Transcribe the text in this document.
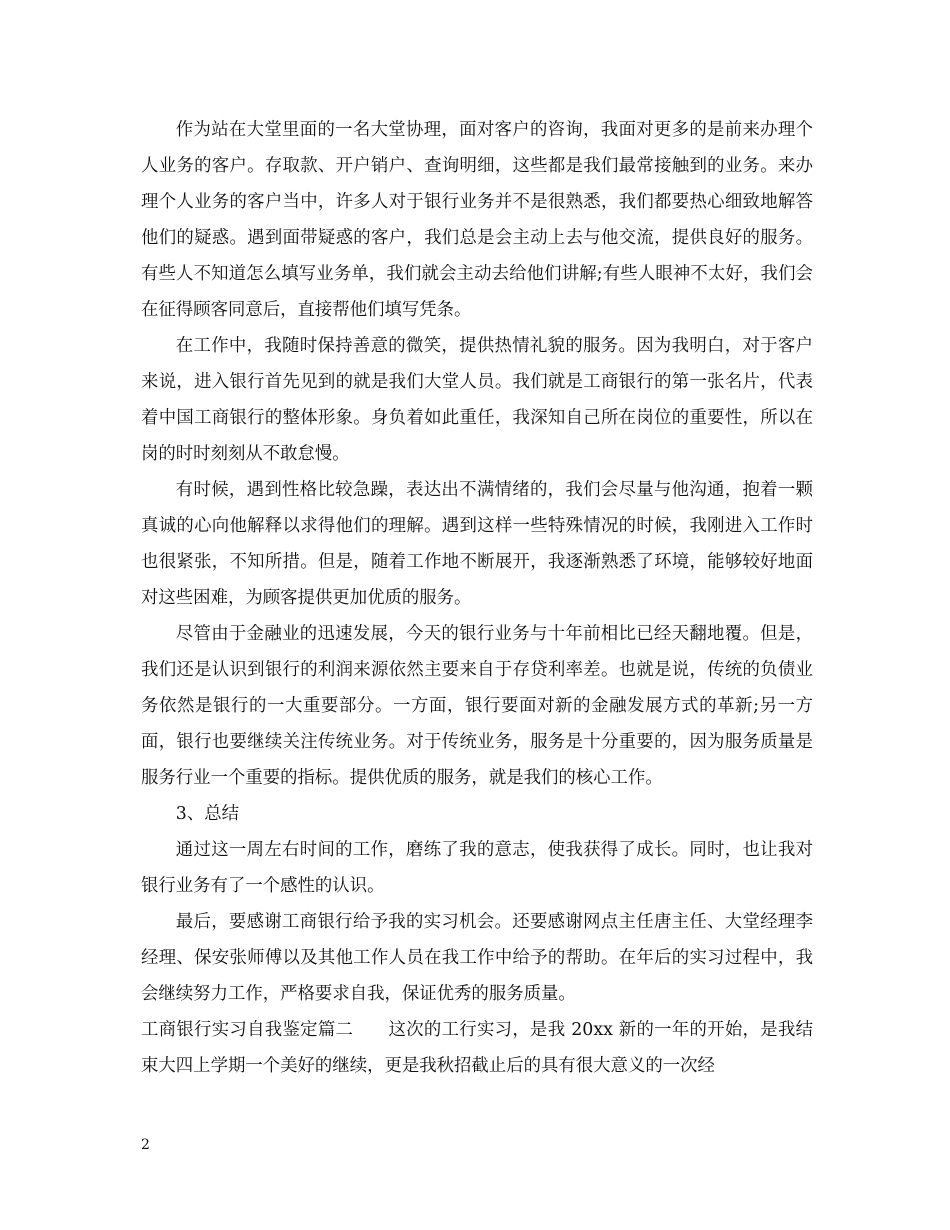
作为站在大堂里面的一名大堂协理，面对客户的咨询，我面对更多的是前来办理个人业务的客户。存取款、开户销户、查询明细，这些都是我们最常接触到的业务。来办理个人业务的客户当中，许多人对于银行业务并不是很熟悉，我们都要热心细致地解答他们的疑惑。遇到面带疑惑的客户，我们总是会主动上去与他交流，提供良好的服务。有些人不知道怎么填写业务单，我们就会主动去给他们讲解;有些人眼神不太好，我们会在征得顾客同意后，直接帮他们填写凭条。

在工作中，我随时保持善意的微笑，提供热情礼貌的服务。因为我明白，对于客户来说，进入银行首先见到的就是我们大堂人员。我们就是工商银行的第一张名片，代表着中国工商银行的整体形象。身负着如此重任，我深知自己所在岗位的重要性，所以在岗的时时刻刻从不敢怠慢。

有时候，遇到性格比较急躁，表达出不满情绪的，我们会尽量与他沟通，抱着一颗真诚的心向他解释以求得他们的理解。遇到这样一些特殊情况的时候，我刚进入工作时也很紧张，不知所措。但是，随着工作地不断展开，我逐渐熟悉了环境，能够较好地面对这些困难，为顾客提供更加优质的服务。

尽管由于金融业的迅速发展，今天的银行业务与十年前相比已经天翻地覆。但是，我们还是认识到银行的利润来源依然主要来自于存贷利率差。也就是说，传统的负债业务依然是银行的一大重要部分。一方面，银行要面对新的金融发展方式的革新;另一方面，银行也要继续关注传统业务。对于传统业务，服务是十分重要的，因为服务质量是服务行业一个重要的指标。提供优质的服务，就是我们的核心工作。

3、总结

通过这一周左右时间的工作，磨练了我的意志，使我获得了成长。同时，也让我对银行业务有了一个感性的认识。

最后，要感谢工商银行给予我的实习机会。还要感谢网点主任唐主任、大堂经理李经理、保安张师傅以及其他工作人员在我工作中给予的帮助。在年后的实习过程中，我会继续努力工作，严格要求自我，保证优秀的服务质量。

工商银行实习自我鉴定篇二　　这次的工行实习，是我 20xx 新的一年的开始，是我结束大四上学期一个美好的继续，更是我秋招截止后的具有很大意义的一次经

2
